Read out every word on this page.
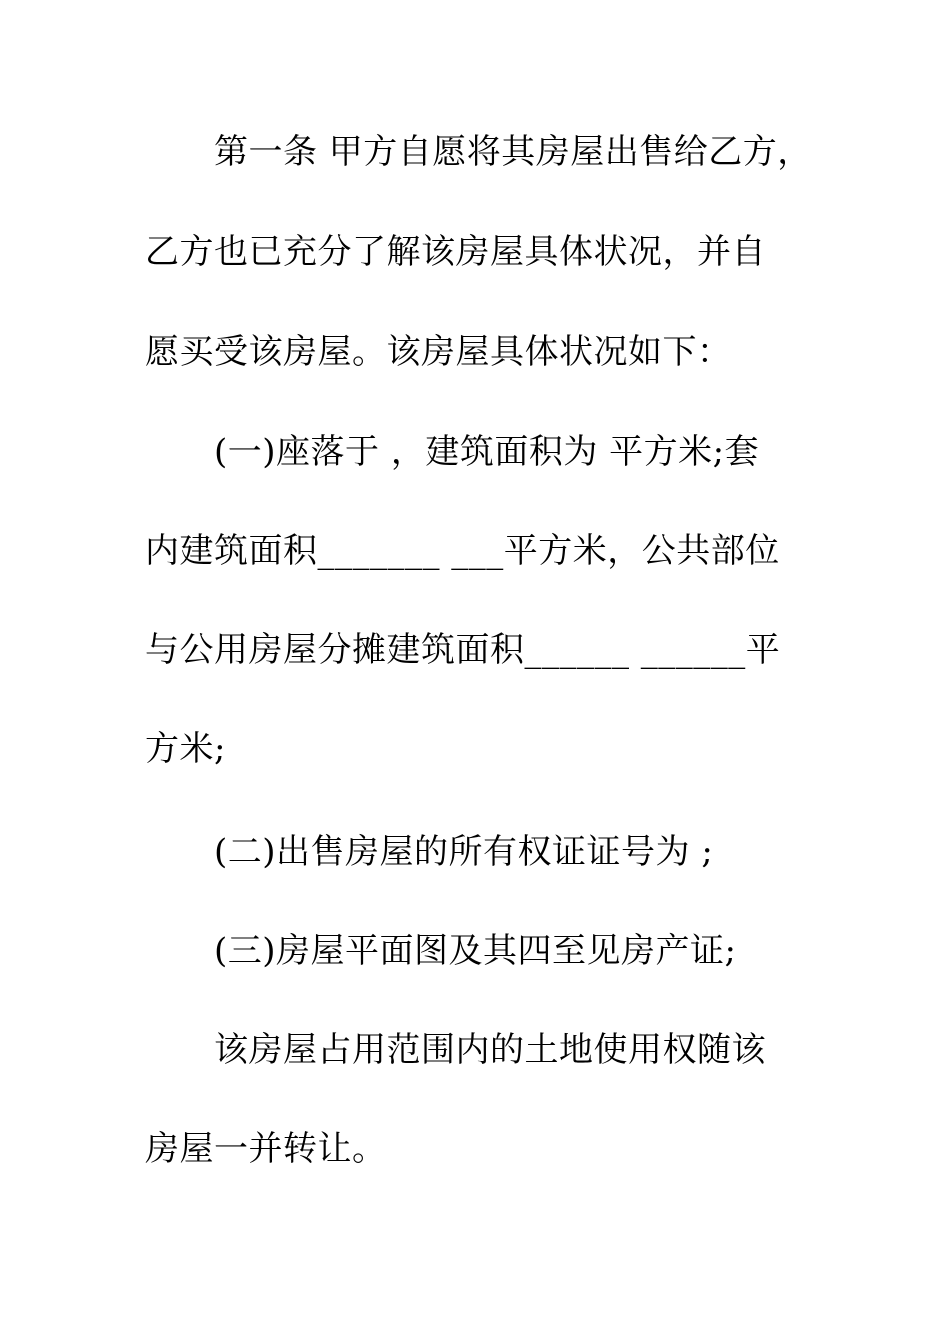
第一条 甲方自愿将其房屋出售给乙方，
乙方也已充分了解该房屋具体状况，并自
愿买受该房屋。该房屋具体状况如下：
(一)座落于 ，建筑面积为 平方米;套
内建筑面积_______ ___平方米，公共部位
与公用房屋分摊建筑面积______ ______平
方米;
(二)出售房屋的所有权证证号为 ;
(三)房屋平面图及其四至见房产证;
该房屋占用范围内的土地使用权随该
房屋一并转让。
